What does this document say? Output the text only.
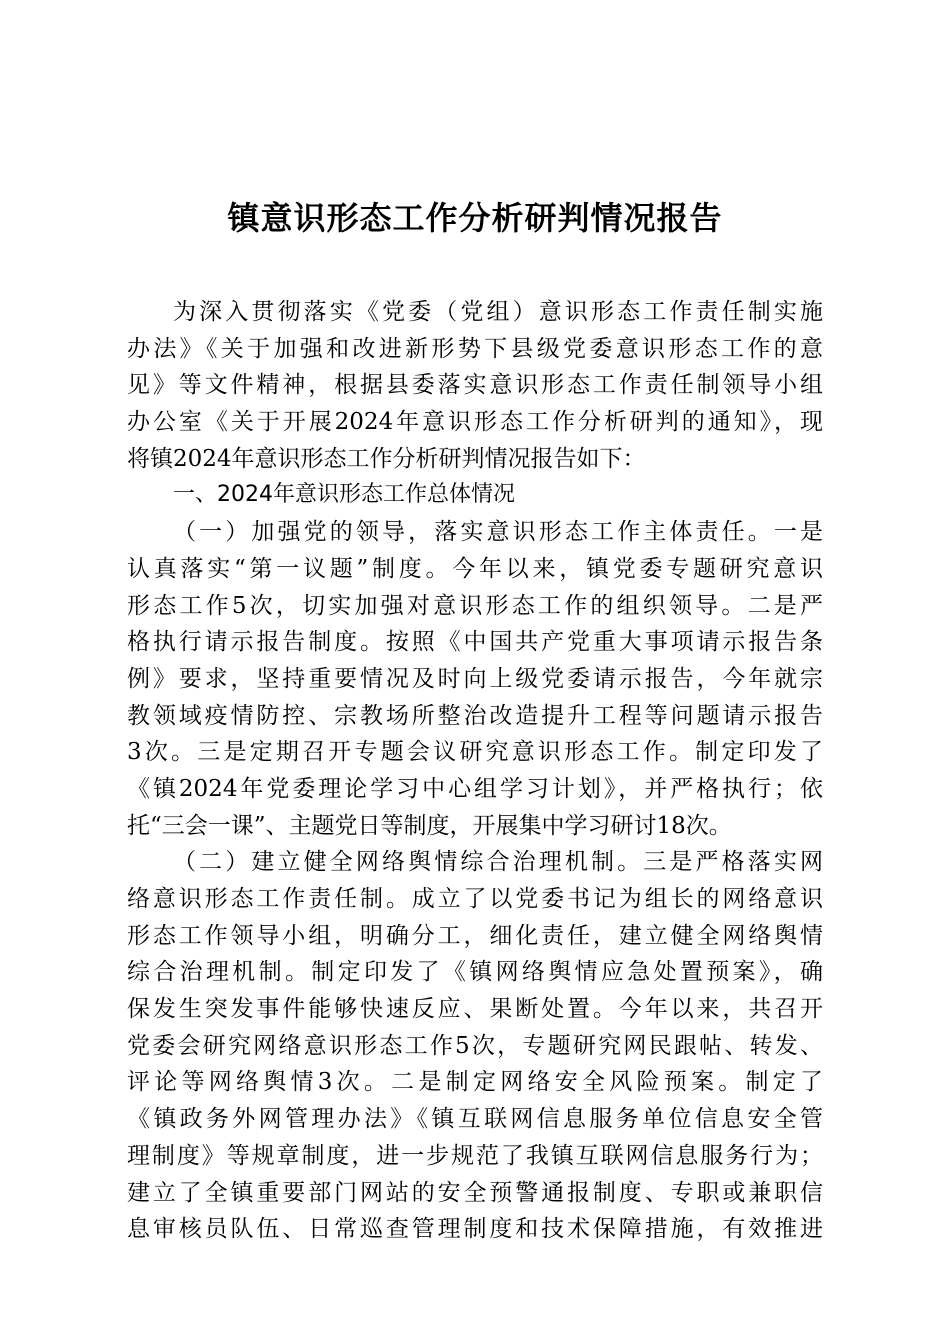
镇意识形态工作分析研判情况报告
为深入贯彻落实《党委（党组）意识形态工作责任制实施
办法》《关于加强和改进新形势下县级党委意识形态工作的意
见》等文件精神，根据县委落实意识形态工作责任制领导小组
办公室《关于开展2024年意识形态工作分析研判的通知》，现
将镇2024年意识形态工作分析研判情况报告如下：
一、2024年意识形态工作总体情况
（一）加强党的领导，落实意识形态工作主体责任。一是
认真落实“第一议题”制度。今年以来，镇党委专题研究意识
形态工作5次，切实加强对意识形态工作的组织领导。二是严
格执行请示报告制度。按照《中国共产党重大事项请示报告条
例》要求，坚持重要情况及时向上级党委请示报告，今年就宗
教领域疫情防控、宗教场所整治改造提升工程等问题请示报告
3次。三是定期召开专题会议研究意识形态工作。制定印发了
《镇2024年党委理论学习中心组学习计划》，并严格执行；依
托“三会一课”、主题党日等制度，开展集中学习研讨18次。
（二）建立健全网络舆情综合治理机制。三是严格落实网
络意识形态工作责任制。成立了以党委书记为组长的网络意识
形态工作领导小组，明确分工，细化责任，建立健全网络舆情
综合治理机制。制定印发了《镇网络舆情应急处置预案》，确
保发生突发事件能够快速反应、果断处置。今年以来，共召开
党委会研究网络意识形态工作5次，专题研究网民跟帖、转发、
评论等网络舆情3次。二是制定网络安全风险预案。制定了
《镇政务外网管理办法》《镇互联网信息服务单位信息安全管
理制度》等规章制度，进一步规范了我镇互联网信息服务行为；
建立了全镇重要部门网站的安全预警通报制度、专职或兼职信
息审核员队伍、日常巡查管理制度和技术保障措施，有效推进
